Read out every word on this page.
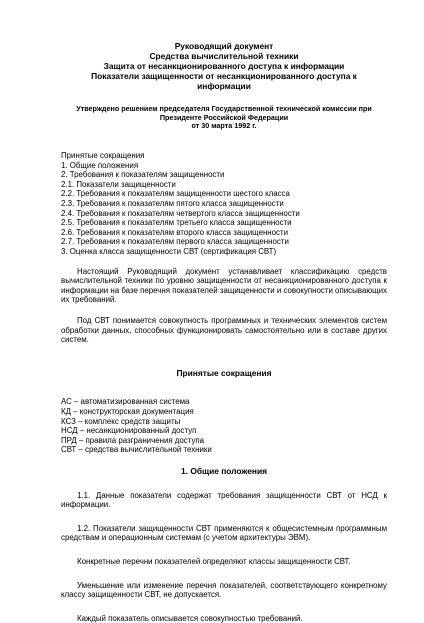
Руководящий документ
Средства вычислительной техники
Защита от несанкционированного доступа к информации
Показатели защищенности от несанкционированного доступа к
информации
Утверждено решением председателя Государственной технической комиссии при
Президенте Российской Федерации
от 30 марта 1992 г.
Принятые сокращения
1. Общие положения
2. Требования к показателям защищенности
2.1. Показатели защищенности
2.2. Требования к показателям защищенности шестого класса
2.3. Требования к показателям пятого класса защищенности
2.4. Требования к показателям четвертого класса защищенности
2.5. Требования к показателям третьего класса защищенности
2.6. Требования к показателям второго класса защищенности
2.7. Требования к показателям первого класса защищенности
3. Оценка класса защищенности СВТ (сертификация СВТ)

Настоящий Руководящий документ устанавливает классификацию средств вычислительной техники по уровню защищенности от несанкционированного доступа к информации на базе перечня показателей защищенности и совокупности описывающих их требований.

Под СВТ понимается совокупность программных и технических элементов систем обработки данных, способных функционировать самостоятельно или в составе других систем.

Принятые сокращения
АС – автоматизированная система
КД – конструкторская документация
КСЗ – комплекс средств защиты
НСД – несанкционированный доступ
ПРД – правила разграничения доступа
СВТ – средства вычислительной техники
1. Общие положения

1.1. Данные показатели содержат требования защищенности СВТ от НСД к информации.

1.2. Показатели защищенности СВТ применяются к общесистемным программным средствам и операционным системам (с учетом архитектуры ЭВМ).

Конкретные перечни показателей определяют классы защищенности СВТ.

Уменьшение или изменение перечня показателей, соответствующего конкретному классу защищенности СВТ, не допускается.

Каждый показатель описывается совокупностью требований.
